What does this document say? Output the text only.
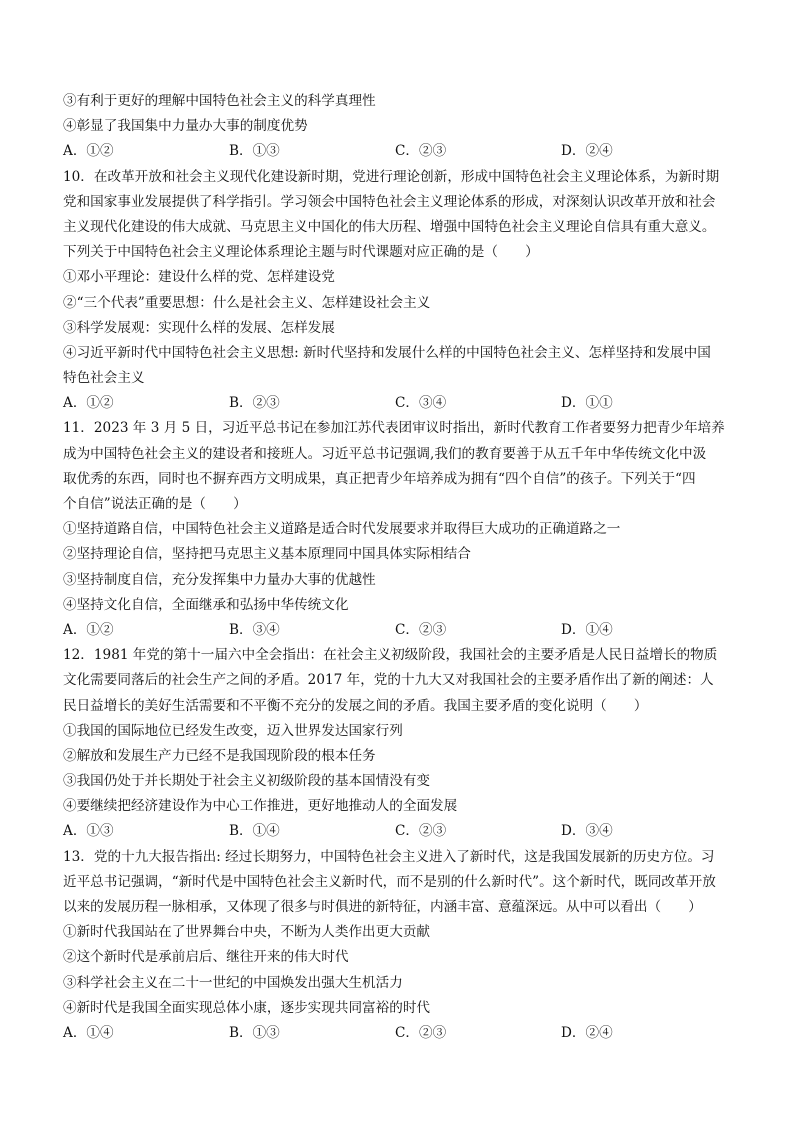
③有利于更好的理解中国特色社会主义的科学真理性
④彰显了我国集中力量办大事的制度优势
A．①②	B．①③	C．②③	D．②④
10．在改革开放和社会主义现代化建设新时期，党进行理论创新，形成中国特色社会主义理论体系，为新时期
党和国家事业发展提供了科学指引。学习领会中国特色社会主义理论体系的形成，对深刻认识改革开放和社会
主义现代化建设的伟大成就、马克思主义中国化的伟大历程、增强中国特色社会主义理论自信具有重大意义。
下列关于中国特色社会主义理论体系理论主题与时代课题对应正确的是（　　）
①邓小平理论：建设什么样的党、怎样建设党
②“三个代表”重要思想：什么是社会主义、怎样建设社会主义
③科学发展观：实现什么样的发展、怎样发展
④习近平新时代中国特色社会主义思想: 新时代坚持和发展什么样的中国特色社会主义、怎样坚持和发展中国
特色社会主义
A．①②	B．②③	C．③④	D．①①
11．2023 年 3 月 5 日，习近平总书记在参加江苏代表团审议时指出，新时代教育工作者要努力把青少年培养
成为中国特色社会主义的建设者和接班人。习近平总书记强调,我们的教育要善于从五千年中华传统文化中汲
取优秀的东西，同时也不摒弃西方文明成果，真正把青少年培养成为拥有“四个自信”的孩子。下列关于“四
个自信”说法正确的是（　　）
①坚持道路自信，中国特色社会主义道路是适合时代发展要求并取得巨大成功的正确道路之一
②坚持理论自信，坚持把马克思主义基本原理同中国具体实际相结合
③坚持制度自信，充分发挥集中力量办大事的优越性
④坚持文化自信，全面继承和弘扬中华传统文化
A．①②	B．③④	C．②③	D．①④
12．1981 年党的第十一届六中全会指出：在社会主义初级阶段，我国社会的主要矛盾是人民日益增长的物质
文化需要同落后的社会生产之间的矛盾。2017 年，党的十九大又对我国社会的主要矛盾作出了新的阐述：人
民日益增长的美好生活需要和不平衡不充分的发展之间的矛盾。我国主要矛盾的变化说明（　　）
①我国的国际地位已经发生改变，迈入世界发达国家行列
②解放和发展生产力已经不是我国现阶段的根本任务
③我国仍处于并长期处于社会主义初级阶段的基本国情没有变
④要继续把经济建设作为中心工作推进，更好地推动人的全面发展
A．①③	B．①④	C．②③	D．③④
13．党的十九大报告指出: 经过长期努力，中国特色社会主义进入了新时代，这是我国发展新的历史方位。习
近平总书记强调，“新时代是中国特色社会主义新时代，而不是别的什么新时代”。这个新时代，既同改革开放
以来的发展历程一脉相承，又体现了很多与时俱进的新特征，内涵丰富、意蕴深远。从中可以看出（　　）
①新时代我国站在了世界舞台中央，不断为人类作出更大贡献
②这个新时代是承前启后、继往开来的伟大时代
③科学社会主义在二十一世纪的中国焕发出强大生机活力
④新时代是我国全面实现总体小康，逐步实现共同富裕的时代
A．①④	B．①③	C．②③	D．②④
